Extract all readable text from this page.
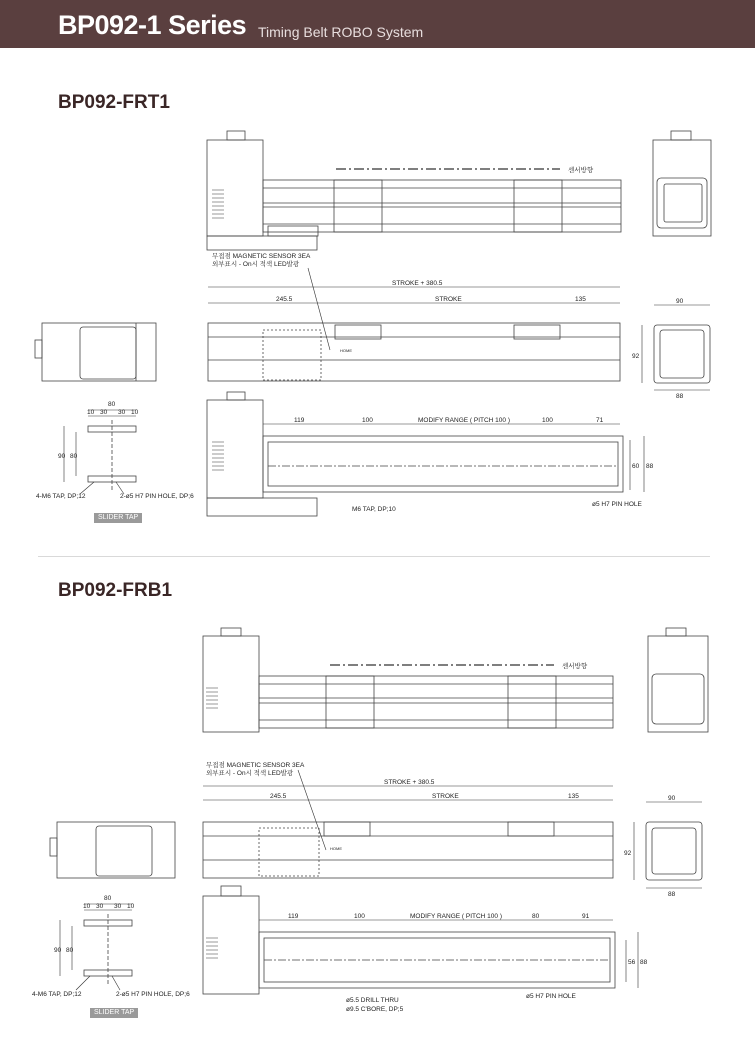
BP092-1 Series Timing Belt ROBO System
BP092-FRT1
BP092-FRB1
센서방향
무접점 MAGNETIC SENSOR 3EA
외부표시 - On시 적색 LED발광
STROKE + 380.5
245.5	STROKE	135	90
92
88
HOME
119	100	MODIFY RANGE ( PITCH 100 )	100	71
60 88
M6 TAP, DP;10
ø5 H7 PIN HOLE
80
10 30 30 10
90 80
4-M6 TAP, DP;12	2-ø5 H7 PIN HOLE, DP;6
센서방향
무접점 MAGNETIC SENSOR 3EA
외부표시 - On시 적색 LED발광
STROKE + 380.5
245.5	STROKE	135	90
92
88
HOME
119	100	MODIFY RANGE ( PITCH 100 )	80	91
56 88
ø5.5 DRILL THRU
ø9.5 C'BORE, DP;5
ø5 H7 PIN HOLE
80
10 30 30 10
90 80
4-M6 TAP, DP;12	2-ø5 H7 PIN HOLE, DP;6
SLIDER TAP
SLIDER TAP
